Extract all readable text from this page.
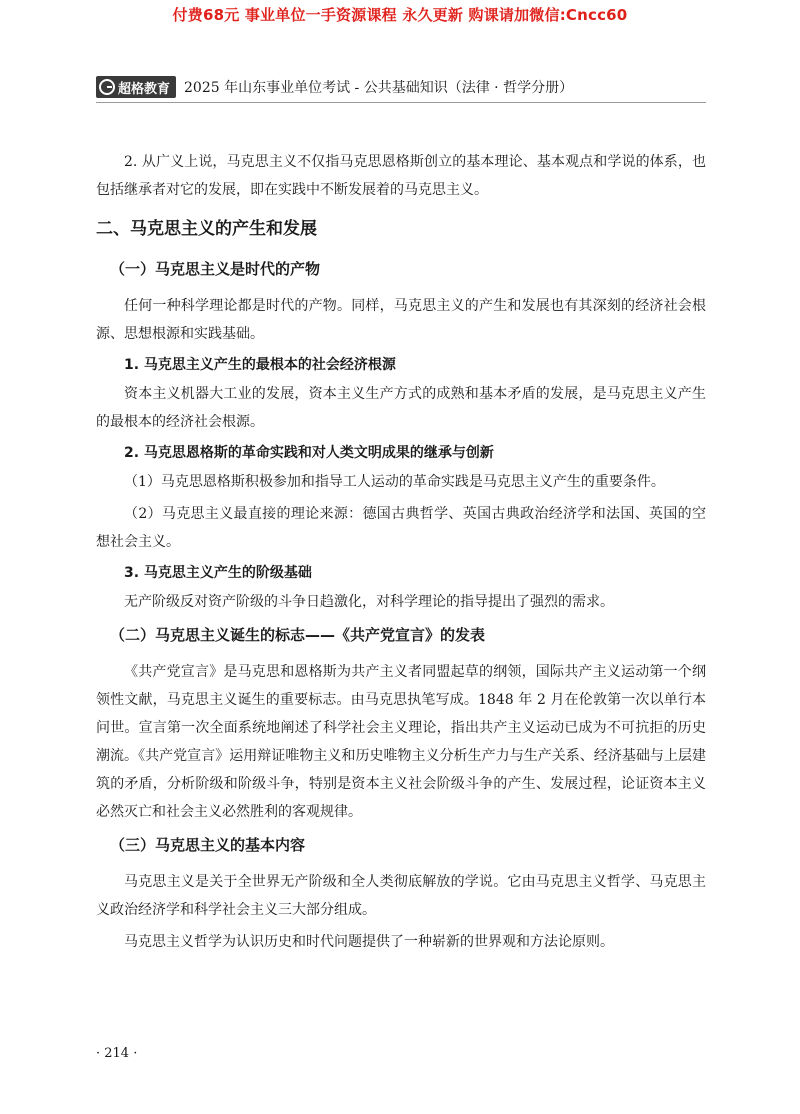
付费68元 事业单位一手资源课程 永久更新 购课请加微信:Cncc60
超格教育 2025 年山东事业单位考试 - 公共基础知识（法律 · 哲学分册）

2. 从广义上说，马克思主义不仅指马克思恩格斯创立的基本理论、基本观点和学说的体系，也包括继承者对它的发展，即在实践中不断发展着的马克思主义。

二、马克思主义的产生和发展
（一）马克思主义是时代的产物

任何一种科学理论都是时代的产物。同样，马克思主义的产生和发展也有其深刻的经济社会根源、思想根源和实践基础。

1. 马克思主义产生的最根本的社会经济根源

资本主义机器大工业的发展，资本主义生产方式的成熟和基本矛盾的发展，是马克思主义产生的最根本的经济社会根源。

2. 马克思恩格斯的革命实践和对人类文明成果的继承与创新

（1）马克思恩格斯积极参加和指导工人运动的革命实践是马克思主义产生的重要条件。

（2）马克思主义最直接的理论来源：德国古典哲学、英国古典政治经济学和法国、英国的空想社会主义。

3. 马克思主义产生的阶级基础

无产阶级反对资产阶级的斗争日趋激化，对科学理论的指导提出了强烈的需求。

（二）马克思主义诞生的标志——《共产党宣言》的发表

《共产党宣言》是马克思和恩格斯为共产主义者同盟起草的纲领，国际共产主义运动第一个纲领性文献，马克思主义诞生的重要标志。由马克思执笔写成。1848 年 2 月在伦敦第一次以单行本问世。宣言第一次全面系统地阐述了科学社会主义理论，指出共产主义运动已成为不可抗拒的历史潮流。《共产党宣言》运用辩证唯物主义和历史唯物主义分析生产力与生产关系、经济基础与上层建筑的矛盾，分析阶级和阶级斗争，特别是资本主义社会阶级斗争的产生、发展过程，论证资本主义必然灭亡和社会主义必然胜利的客观规律。

（三）马克思主义的基本内容

马克思主义是关于全世界无产阶级和全人类彻底解放的学说。它由马克思主义哲学、马克思主义政治经济学和科学社会主义三大部分组成。

马克思主义哲学为认识历史和时代问题提供了一种崭新的世界观和方法论原则。

· 214 ·
